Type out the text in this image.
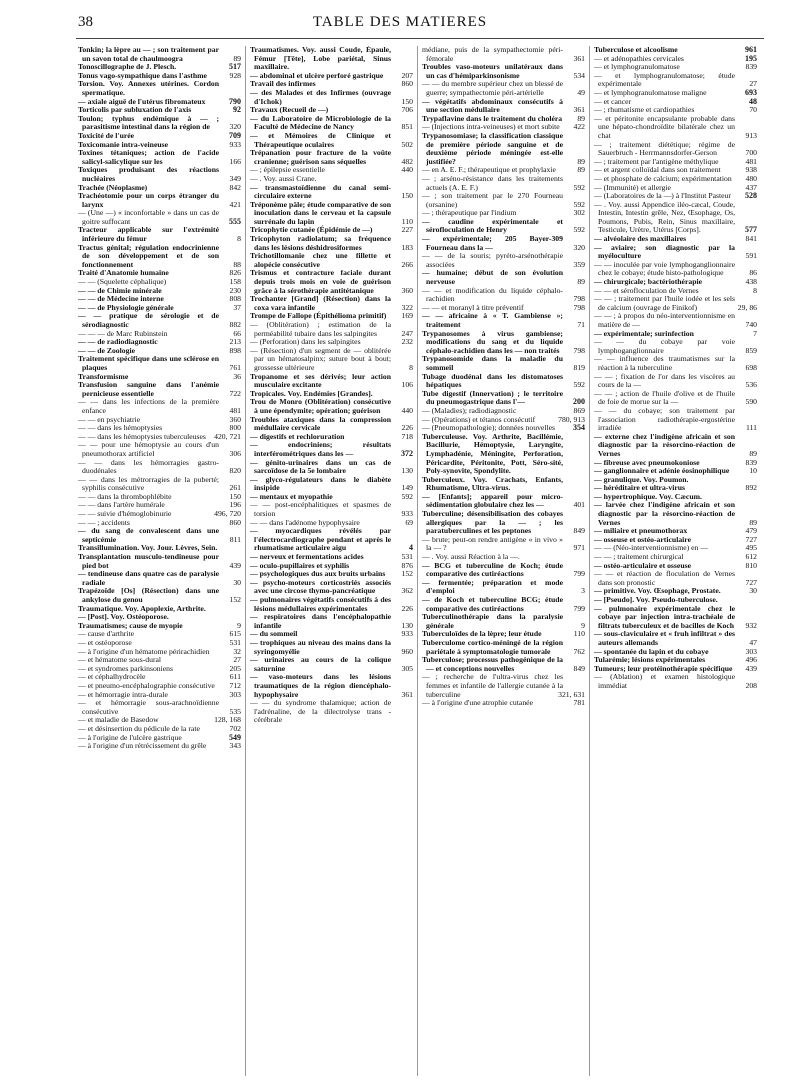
38	TABLE DES MATIERES
Tonkin; la lèpre au — ; son traitement par un savon total de chaulmoogra	89
Tonoscillographe de J. Plesch.	517
Tonus vago-sympathique dans l'asthme	928
Torsion. Voy. Annexes utérines. Cordon spermatique.
— axiale aiguë de l'utérus fibromateux	790
Torticolis par subluxation de l'axis	92
Toulon; typhus endémique à — ; parasitisme intestinal dans la région de	320
Toxicité de l'urée	709
Toxicomanie intra-veineuse	933
Toxines tétaniques; action de l'acide salicyl-salicylique sur les	166
Toxiques produisant des réactions nucléaires	349
Trachée (Néoplasme)	842
Trachéotomie pour un corps étranger du larynx	421
— (Une —) « inconfortable » dans un cas de goitre suffocant	555
Tracteur applicable sur l'extrémité inférieure du fémur	8
Tractus génital; régulation endocrinienne de son développement et de son fonctionnement	88
Traité d'Anatomie humaine	826
— — (Squelette céphalique)	158
— — de Chimie minérale	230
— — de Médecine interne	808
— — de Physiologie générale	37
— — pratique de sérologie et de sérodiagnostic	882
— — — de Marc Rubinstein	66
— — de radiodiagnostic	213
— — de Zoologie	898
Traitement spécifique dans une sclérose en plaques	761
Transformisme	36
Transfusion sanguine dans l'anémie pernicieuse essentielle	722
— — dans les infections de la première enfance	481
— — en psychiatrie	360
— — dans les hémoptysies	800
— — dans les hémoptysies tuberculeuses 420, 721
— — pour une hémoptysie au cours d'un pneumothorax artificiel	306
— — dans les hémorragies gastro-duodénales	820
— — dans les métrorragies de la puberté; syphilis consécutive	261
— — dans la thrombophlébite	150
— — dans l'artère humérale	196
— — suivie d'hémoglobinurie	496, 720
— — ; accidents	860
— du sang de convalescent dans une septicémie	811
Transillumination. Voy. Jour. Lèvres, Sein.
Transplantation musculo-tendineuse pour pied bot	439
— tendineuse dans quatre cas de paralysie radiale	30
Trapézoïde [Os] (Résection) dans une ankylose du genou	152
Traumatique. Voy. Apoplexie, Arthrite.
— [Post]. Voy. Ostéoporose.
Traumatismes; cause de myopie	9
— cause d'arthrite	615
— et ostéoporose	531
— à l'origine d'un hématome périrachidien	32
— et hématome sous-dural	27
— et syndromes parkinsoniens	205
— et céphalhydrocèle	611
— et pneumo-encéphalographie consécutive 712
— et hémorragie intra-durale	303
— et hémorragie sous-arachnoïdienne consécutive	535
— et maladie de Basedow	128, 168
— et désinsertion du pédicule de la rate	702
— à l'origine de l'ulcère gastrique	549
— à l'origine d'un rétrécissement du grêle	343
Traumatismes. Voy. aussi Coude, Épaule, Fémur [Tête], Lobe pariétal, Sinus maxillaire.
— abdominal et ulcère perforé gastrique 207
Travail des infirmes	860
— des Malades et des Infirmes (ouvrage d'Ichok)	150
Travaux (Recueil de —)	706
— du Laboratoire de Microbiologie de la Faculté de Médecine de Nancy	851
— et Mémoires de Clinique et Thérapeutique oculaires	502
Trépanation pour fracture de la voûte cranienne; guérison sans séquelles	482
— ; épilepsie essentielle	440
— . Voy. aussi Crane.
— transmastoïdienne du canal semi-circulaire externe	150
Tréponème pâle; étude comparative de son inoculation dans le cerveau et la capsule surrénale du lapin	110
Tricophytie cutanée (Épidémie de —)	227
Tricophyton radiolatum; sa fréquence dans les lésions déshidrosiformes	183
Trichotillomanie chez une fillette et alopécie consécutive	266
Trismus et contracture faciale durant depuis trois mois en voie de guérison grâce à la sérothérapie antitétanique	360
Trochanter [Grand] (Résection) dans la coxa vara infantile	322
Trompe de Fallope (Épithélioma primitif) 169
— (Oblitération) ; estimation de la perméabilité tubaire dans les salpingites	247
— (Perforation) dans les salpingites	232
— (Résection) d'un segment de — oblitérée par un hématosalpinx; suture bout à bout; grossesse ultérieure	8
Tropanome et ses dérivés; leur action musculaire excitante	106
Tropicales. Voy. Endémies [Grandes].
Trou de Monro (Oblitération) consécutive à une épendymite; opération; guérison	440
Troubles ataxiques dans la compression médullaire cervicale	226
— digestifs et rechloruration	718
— endocriniens; résultats interférométriques dans les —	372
— génito-urinaires dans un cas de sarcoïdose de la 5e lombaire	130
— glyco-régulateurs dans le diabète insipide	149
— mentaux et myopathie	592
— — post-encéphalitiques et spasmes de torsion	933
— — dans l'adénome hypophysaire	69
— myocardiques révélés par l'électrocardiographe pendant et après le rhumatisme articulaire aigu	4
— nerveux et fermentations acides	531
— oculo-pupillaires et syphilis	876
— psychologiques dus aux bruits urbains 152
— psycho-moteurs corticostriés associés avec une circose thymo-pancréatique	362
— pulmonaires végétatifs consécutifs à des lésions médullaires expérimentales	226
— respiratoires dans l'encéphalopathie infantile	130
— du sommeil	933
— trophiques au niveau des mains dans la syringomyélie	960
— urinaires au cours de la colique saturnine	305
— vaso-moteurs dans les lésions traumatiques de la région diencéphalo-hypophysaire	361
— — du syndrome thalamique; action de l'adrénaline, de la dilectrolyse trans - cérébrale
médiane, puis de la sympathectomie péri-fémorale	361
Troubles vaso-moteurs unilatéraux dans un cas d'hémiparkinsonisme	534
— — du membre supérieur chez un blessé de guerre; sympathectomie péri-artérielle	49
— végétatifs abdominaux consécutifs à une section médullaire	361
Trypaflavine dans le traitement du choléra 89
— (Injections intra-veineuses) et mort subite 422
Trypanosomiase; la classification classique de première période sanguine et de deuxième période méningée est-elle justifiée?	89
— en A. E. F.; thérapeutique et prophylaxie	89
— ; arséno-résistance dans les traitements actuels (A. E. F.)	592
— ; son traitement par le 270 Fourneau (orsanine)	592
— ; thérapeutique par l'indium	302
— caudine expérimentale et sérofloculation de Henry	592
— expérimentale; 205 Bayer-309 Fourneau dans la —	320
— — de la souris; pyréto-arsénothérapie associées	359
— humaine; début de son évolution nerveuse	89
— — et modification du liquide céphalo-rachidien	798
— — et moranyl à titre préventif	798
— — africaine à « T. Gambiense »; traitement	71
Trypanosomes à virus gambiense; modifications du sang et du liquide céphalo-rachidien dans les — non traités 798
Trypanosomide dans la maladie du sommeil	819
Tubage duodénal dans les distomatoses hépatiques	592
Tube digestif (Innervation) ; le territoire du pneumogastrique dans l'—	200
— (Maladies); radiodiagnostic	869
— (Opérations) et tétanos consécutif	780, 913
— (Pneumopathologie); données nouvelles 354
Tuberculeuse. Voy. Arthrite, Bacillémie, Bacillurie, Hémoptysie, Laryngite, Lymphadénie, Méningite, Perforation, Péricardite, Péritonite, Pott, Séro-sité, Poly-synovite, Spondylite.
Tuberculeux. Voy. Crachats, Enfants, Rhumatisme, Ultra-virus.
— [Enfants]; appareil pour micro-sédimentation globulaire chez les —	401
Tuberculine; désensibilisation des cobayes allergiques par la — ; les paratuberculines et les peptones	849
— brute; peut-on rendre antigène « in vivo » la — ?	971
— . Voy. aussi Réaction à la —.
— BCG et tuberculine de Koch; étude comparative des cutiréactions	799
— fermentée; préparation et mode d'emploi	3
— de Koch et tuberculine BCG; étude comparative des cutiréactions	799
Tuberculinothérapie dans la paralysie générale	9
Tuberculoïdes de la lèpre; leur étude	110
Tuberculome cortico-méningé de la région pariétale à symptomatologie tumorale	762
Tuberculose; processus pathogénique de la — et conceptions nouvelles	849
— ; recherche de l'ultra-virus chez les femmes et infantile de l'allergie cutanée à la tuberculine	321, 631
— à l'origine d'une atrophie cutanée	781
Tuberculose et alcoolisme	961
— et adénopathies cervicales	195
— et lymphogranulomatose	839
— et lymphogranulomatose; étude expérimentale	27
— et lymphogranulomatose maligne	693
— et cancer	48
— ; rhumatisme et cardiopathies	70
— et péritonite encapsulante probable dans une hépato-chondroïdite bilatérale chez un chat	913
— ; traitement diététique; régime de Sauerbruch - Herrmannsdorfer-Gerson	700
— ; traitement par l'antigène méthylique	481
— et argent colloïdal dans son traitement	938
— et phosphate de calcium; expérimentation 480
— (Immunité) et allergie	437
— (Laboratoires de la —) à l'Institut Pasteur 528
— . Voy. aussi Appendice iléo-cæcal, Coude, Intestin, Intestin grêle, Nez, Œsophage, Os, Poumons, Pubis, Rein, Sinus maxillaire, Testicule, Urètre, Utérus [Corps].	577
— alvéolaire des maxillaires	841
— aviaire; son diagnostic par la myéloculture	591
— — inoculée par voie lymphoganglionnaire chez le cobaye; étude histo-pathologique	86
— chirurgicale; bactériothérapie	438
— — et sérofloculation de Vernes	8
— — ; traitement par l'huile iodée et les sels de calcium (ouvrage de Finikof)	29, 86
— — ; à propos du néo-interventionnisme en matière de —	740
— expérimentale; surinfection	7
— — du cobaye par voie lymphoganglionnaire	859
— — influence des traumatismes sur la réaction à la tuberculine	698
— — ; fixation de l'or dans les viscères au cours de la —	536
— — ; action de l'huile d'olive et de l'huile de foie de morue sur la —	590
— — du cobaye; son traitement par l'association radiothérapie-ergostérine irradiée	111
— externe chez l'indigène africain et son diagnostic par la résorcino-réaction de Vernes	89
— fibreuse avec pneumokoniose	839
— ganglionnaire et adénie éosinophilique	10
— granulique. Voy. Poumon.
— héréditaire et ultra-virus	892
— hypertrophique. Voy. Cæcum.
— larvée chez l'indigène africain et son diagnostic par la résorcino-réaction de Vernes	89
— miliaire et pneumothorax	479
— osseuse et ostéo-articulaire	727
— — (Néo-interventionnisme) en —	495
— — ; traitement chirurgical	612
— ostéo-articulaire et osseuse	810
— — et réaction de floculation de Vernes dans son pronostic	727
— primitive. Voy. Œsophage, Prostate.	30
— [Pseudo]. Voy. Pseudo-tuberculose.
— pulmonaire expérimentale chez le cobaye par injection intra-trachéale de filtrats tuberculeux et de bacilles de Koch 932
— sous-claviculaire et « fruh infiltrat » des auteurs allemands	47
— spontanée du lapin et du cobaye	303
Tularémie; lésions expérimentales	496
Tumeurs; leur protéinothérapie spécifique 439
— (Ablation) et examen histologique immédiat	208
